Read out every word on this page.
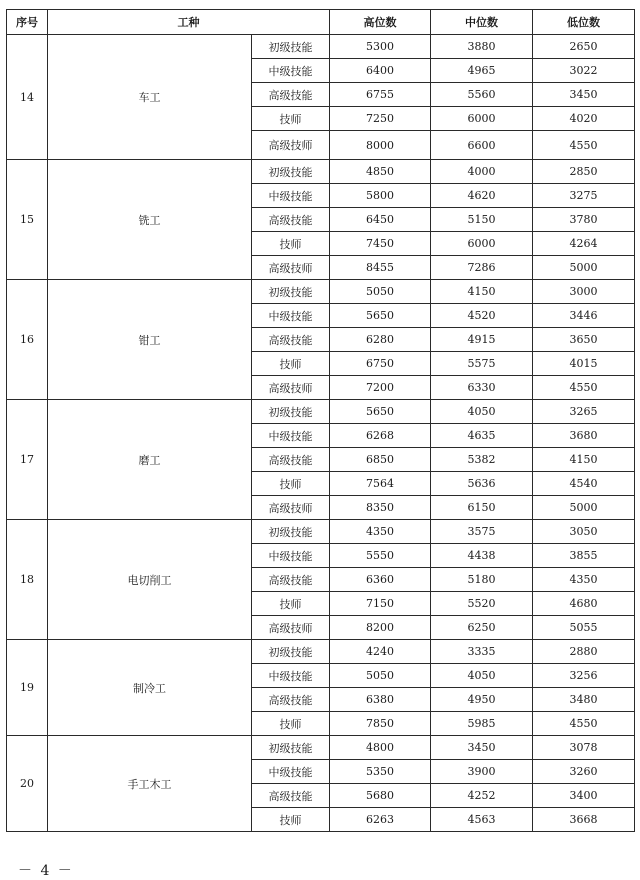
序号	工种		高位数	中位数	低位数
14	车工	初级技能	5300	3880	2650
		中级技能	6400	4965	3022
		高级技能	6755	5560	3450
		技师	7250	6000	4020
		高级技师	8000	6600	4550
15	铣工	初级技能	4850	4000	2850
		中级技能	5800	4620	3275
		高级技能	6450	5150	3780
		技师	7450	6000	4264
		高级技师	8455	7286	5000
16	钳工	初级技能	5050	4150	3000
		中级技能	5650	4520	3446
		高级技能	6280	4915	3650
		技师	6750	5575	4015
		高级技师	7200	6330	4550
17	磨工	初级技能	5650	4050	3265
		中级技能	6268	4635	3680
		高级技能	6850	5382	4150
		技师	7564	5636	4540
		高级技师	8350	6150	5000
18	电切削工	初级技能	4350	3575	3050
		中级技能	5550	4438	3855
		高级技能	6360	5180	4350
		技师	7150	5520	4680
		高级技师	8200	6250	5055
19	制冷工	初级技能	4240	3335	2880
		中级技能	5050	4050	3256
		高级技能	6380	4950	3480
		技师	7850	5985	4550
20	手工木工	初级技能	4800	3450	3078
		中级技能	5350	3900	3260
		高级技能	5680	4252	3400
		技师	6263	4563	3668
－ 4 －
